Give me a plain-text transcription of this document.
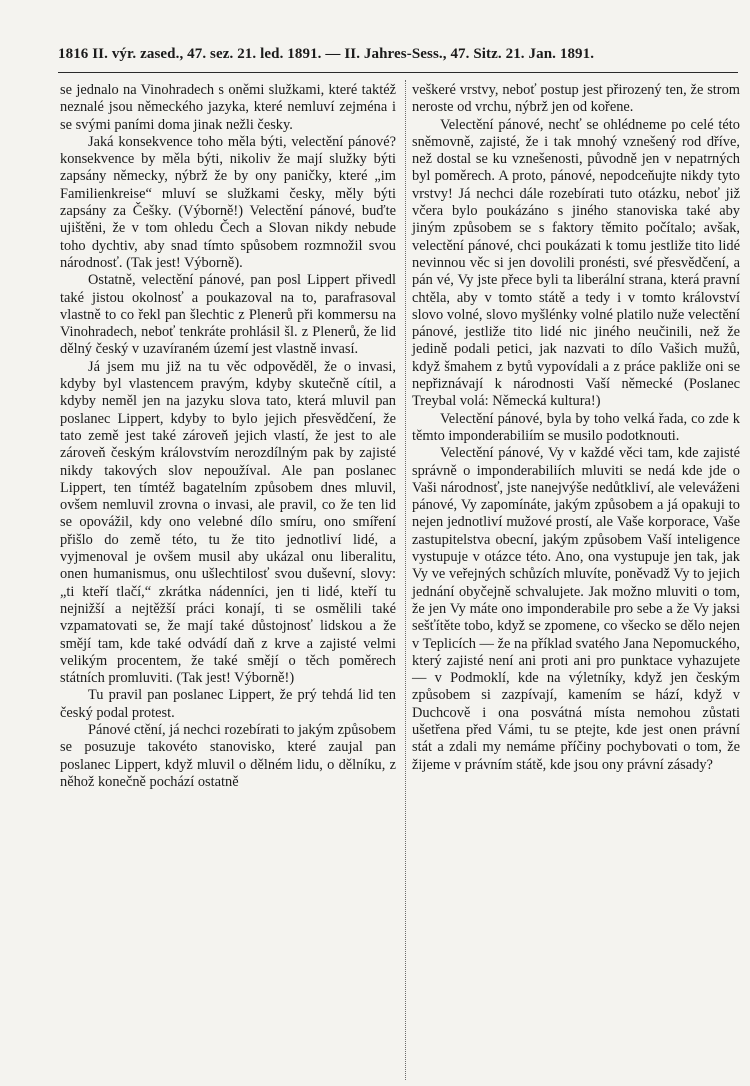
1816 II. výr. zased., 47. sez. 21. led. 1891. — II. Jahres-Sess., 47. Sitz. 21. Jan. 1891.

se jednalo na Vinohradech s oněmi služkami, které taktéž neznalé jsou německého jazyka, které nemluví zejména i se svými paními doma jinak nežli česky.

Jaká konsekvence toho měla býti, velectění pánové? konsekvence by měla býti, nikoliv že mají služky býti zapsány německy, nýbrž že by ony paničky, které „im Familienkreise“ mluví se služkami česky, měly býti zapsány za Češky. (Výborně!) Velectění pánové, buďte ujištěni, že v tom ohledu Čech a Slovan nikdy nebude toho dychtiv, aby snad tímto spůsobem rozmnožil svou národnosť. (Tak jest! Výborně).

Ostatně, velectění pánové, pan posl Lippert přivedl také jistou okolnosť a poukazoval na to, parafrasoval vlastně to co řekl pan šlechtic z Plenerů při kommersu na Vinohradech, neboť tenkráte prohlásil šl. z Plenerů, že lid dělný český v uzavíraném území jest vlastně invasí.

Já jsem mu již na tu věc odpověděl, že o invasi, kdyby byl vlastencem pravým, kdyby skutečně cítil, a kdyby neměl jen na jazyku slova tato, která mluvil pan poslanec Lippert, kdyby to bylo jejich přesvědčení, že tato země jest také zároveň jejich vlastí, že jest to ale zároveň českým královstvím nerozdílným pak by zajisté nikdy takových slov nepoužíval. Ale pan poslanec Lippert, ten tímtéž bagatelním způsobem dnes mluvil, ovšem nemluvil zrovna o invasi, ale pravil, co že ten lid se opovážil, kdy ono velebné dílo smíru, ono smíření přišlo do země této, tu že tito jednotliví lidé, a vyjmenoval je ovšem musil aby ukázal onu liberalitu, onen humanismus, onu ušlechtilosť svou duševní, slovy: „ti kteří tlačí,“ zkrátka nádenníci, jen ti lidé, kteří tu nejnižší a nejtěžší práci konají, ti se osmělili také vzpamatovati se, že mají také důstojnosť lidskou a že smějí tam, kde také odvádí daň z krve a zajisté velmi velikým procentem, že také smějí o těch poměrech státních promluviti. (Tak jest! Výborně!)

Tu pravil pan poslanec Lippert, že prý tehdá lid ten český podal protest.

Pánové ctění, já nechci rozebírati to jakým způsobem se posuzuje takovéto stanovisko, které zaujal pan poslanec Lippert, když mluvil o dělném lidu, o dělníku, z něhož konečně pochází ostatně

veškeré vrstvy, neboť postup jest přirozený ten, že strom neroste od vrchu, nýbrž jen od kořene.

Velectění pánové, nechť se ohlédneme po celé této sněmovně, zajisté, že i tak mnohý vznešený rod dříve, než dostal se ku vznešenosti, původně jen v nepatrných byl poměrech. A proto, pánové, nepodceňujte nikdy tyto vrstvy! Já nechci dále rozebírati tuto otázku, neboť již včera bylo poukázáno s jiného stanoviska také aby jiným způsobem se s faktory těmito počítalo; avšak, velectění pánové, chci poukázati k tomu jestliže tito lidé nevinnou věc si jen dovolili pronésti, své přesvědčení, a pán vé, Vy jste přece byli ta liberální strana, která pravní chtěla, aby v tomto státě a tedy i v tomto království slovo volné, slovo myšlénky volné platilo nuže velectění pánové, jestliže tito lidé nic jiného neučinili, než že jedině podali petici, jak nazvati to dílo Vašich mužů, když šmahem z bytů vypovídali a z práce pakliže oni se nepřiznávají k národnosti Vaší německé (Poslanec Treybal volá: Německá kultura!)

Velectění pánové, byla by toho velká řada, co zde k těmto imponderabiliím se musilo podotknouti.

Velectění pánové, Vy v každé věci tam, kde zajisté správně o imponderabiliích mluviti se nedá kde jde o Vaši národnosť, jste nanejvýše nedůtkliví, ale veleváženi pánové, Vy zapomínáte, jakým způsobem a já opakuji to nejen jednotliví mužové prostí, ale Vaše korporace, Vaše zastupitelstva obecní, jakým způsobem Vaší inteligence vystupuje v otázce této. Ano, ona vystupuje jen tak, jak Vy ve veřejných schůzích mluvíte, poněvadž Vy to jejich jednání obyčejně schvalujete. Jak možno mluviti o tom, že jen Vy máte ono imponderabile pro sebe a že Vy jaksi sešťítěte tobo, když se zpomene, co všecko se dělo nejen v Teplicích — že na příklad svatého Jana Nepomuckého, který zajisté není ani proti ani pro punktace vyhazujete — v Podmoklí, kde na výletníky, když jen českým způsobem si zazpívají, kamením se hází, když v Duchcově i ona posvátná místa nemohou zůstati ušetřena před Vámi, tu se ptejte, kde jest onen právní stát a zdali my nemáme příčiny pochybovati o tom, že žijeme v právním státě, kde jsou ony právní zásady?
